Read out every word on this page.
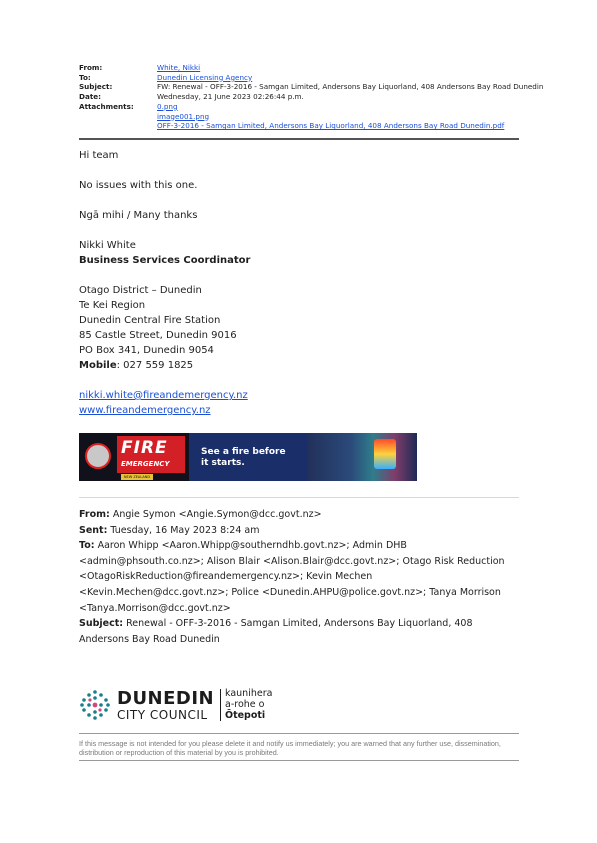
From:	White, Nikki
To:	Dunedin Licensing Agency
Subject:	FW: Renewal - OFF-3-2016 - Samgan Limited, Andersons Bay Liquorland, 408 Andersons Bay Road Dunedin
Date:	Wednesday, 21 June 2023 02:26:44 p.m.
Attachments:	0.png
image001.png
OFF-3-2016 - Samgan Limited, Andersons Bay Liquorland, 408 Andersons Bay Road Dunedin.pdf
Hi team
No issues with this one.
Ngā mihi / Many thanks
Nikki White
Business Services Coordinator
Otago District – Dunedin
Te Kei Region
Dunedin Central Fire Station
85 Castle Street, Dunedin 9016
PO Box 341, Dunedin 9054
Mobile: 027 559 1825
nikki.white@fireandemergency.nz
www.fireandemergency.nz
FIRE
EMERGENCY
NEW ZEALAND
See a fire before
it starts.
From: Angie Symon <Angie.Symon@dcc.govt.nz>
Sent: Tuesday, 16 May 2023 8:24 am
To: Aaron Whipp <Aaron.Whipp@southerndhb.govt.nz>; Admin DHB <admin@phsouth.co.nz>; Alison Blair <Alison.Blair@dcc.govt.nz>; Otago Risk Reduction <OtagoRiskReduction@fireandemergency.nz>; Kevin Mechen <Kevin.Mechen@dcc.govt.nz>; Police <Dunedin.AHPU@police.govt.nz>; Tanya Morrison <Tanya.Morrison@dcc.govt.nz>
Subject: Renewal - OFF-3-2016 - Samgan Limited, Andersons Bay Liquorland, 408 Andersons Bay Road Dunedin
DUNEDIN
CITY COUNCIL
kaunihera
a-rohe o
Ōtepoti
If this message is not intended for you please delete it and notify us immediately; you are warned that any further use, dissemination, distribution or reproduction of this material by you is prohibited.
